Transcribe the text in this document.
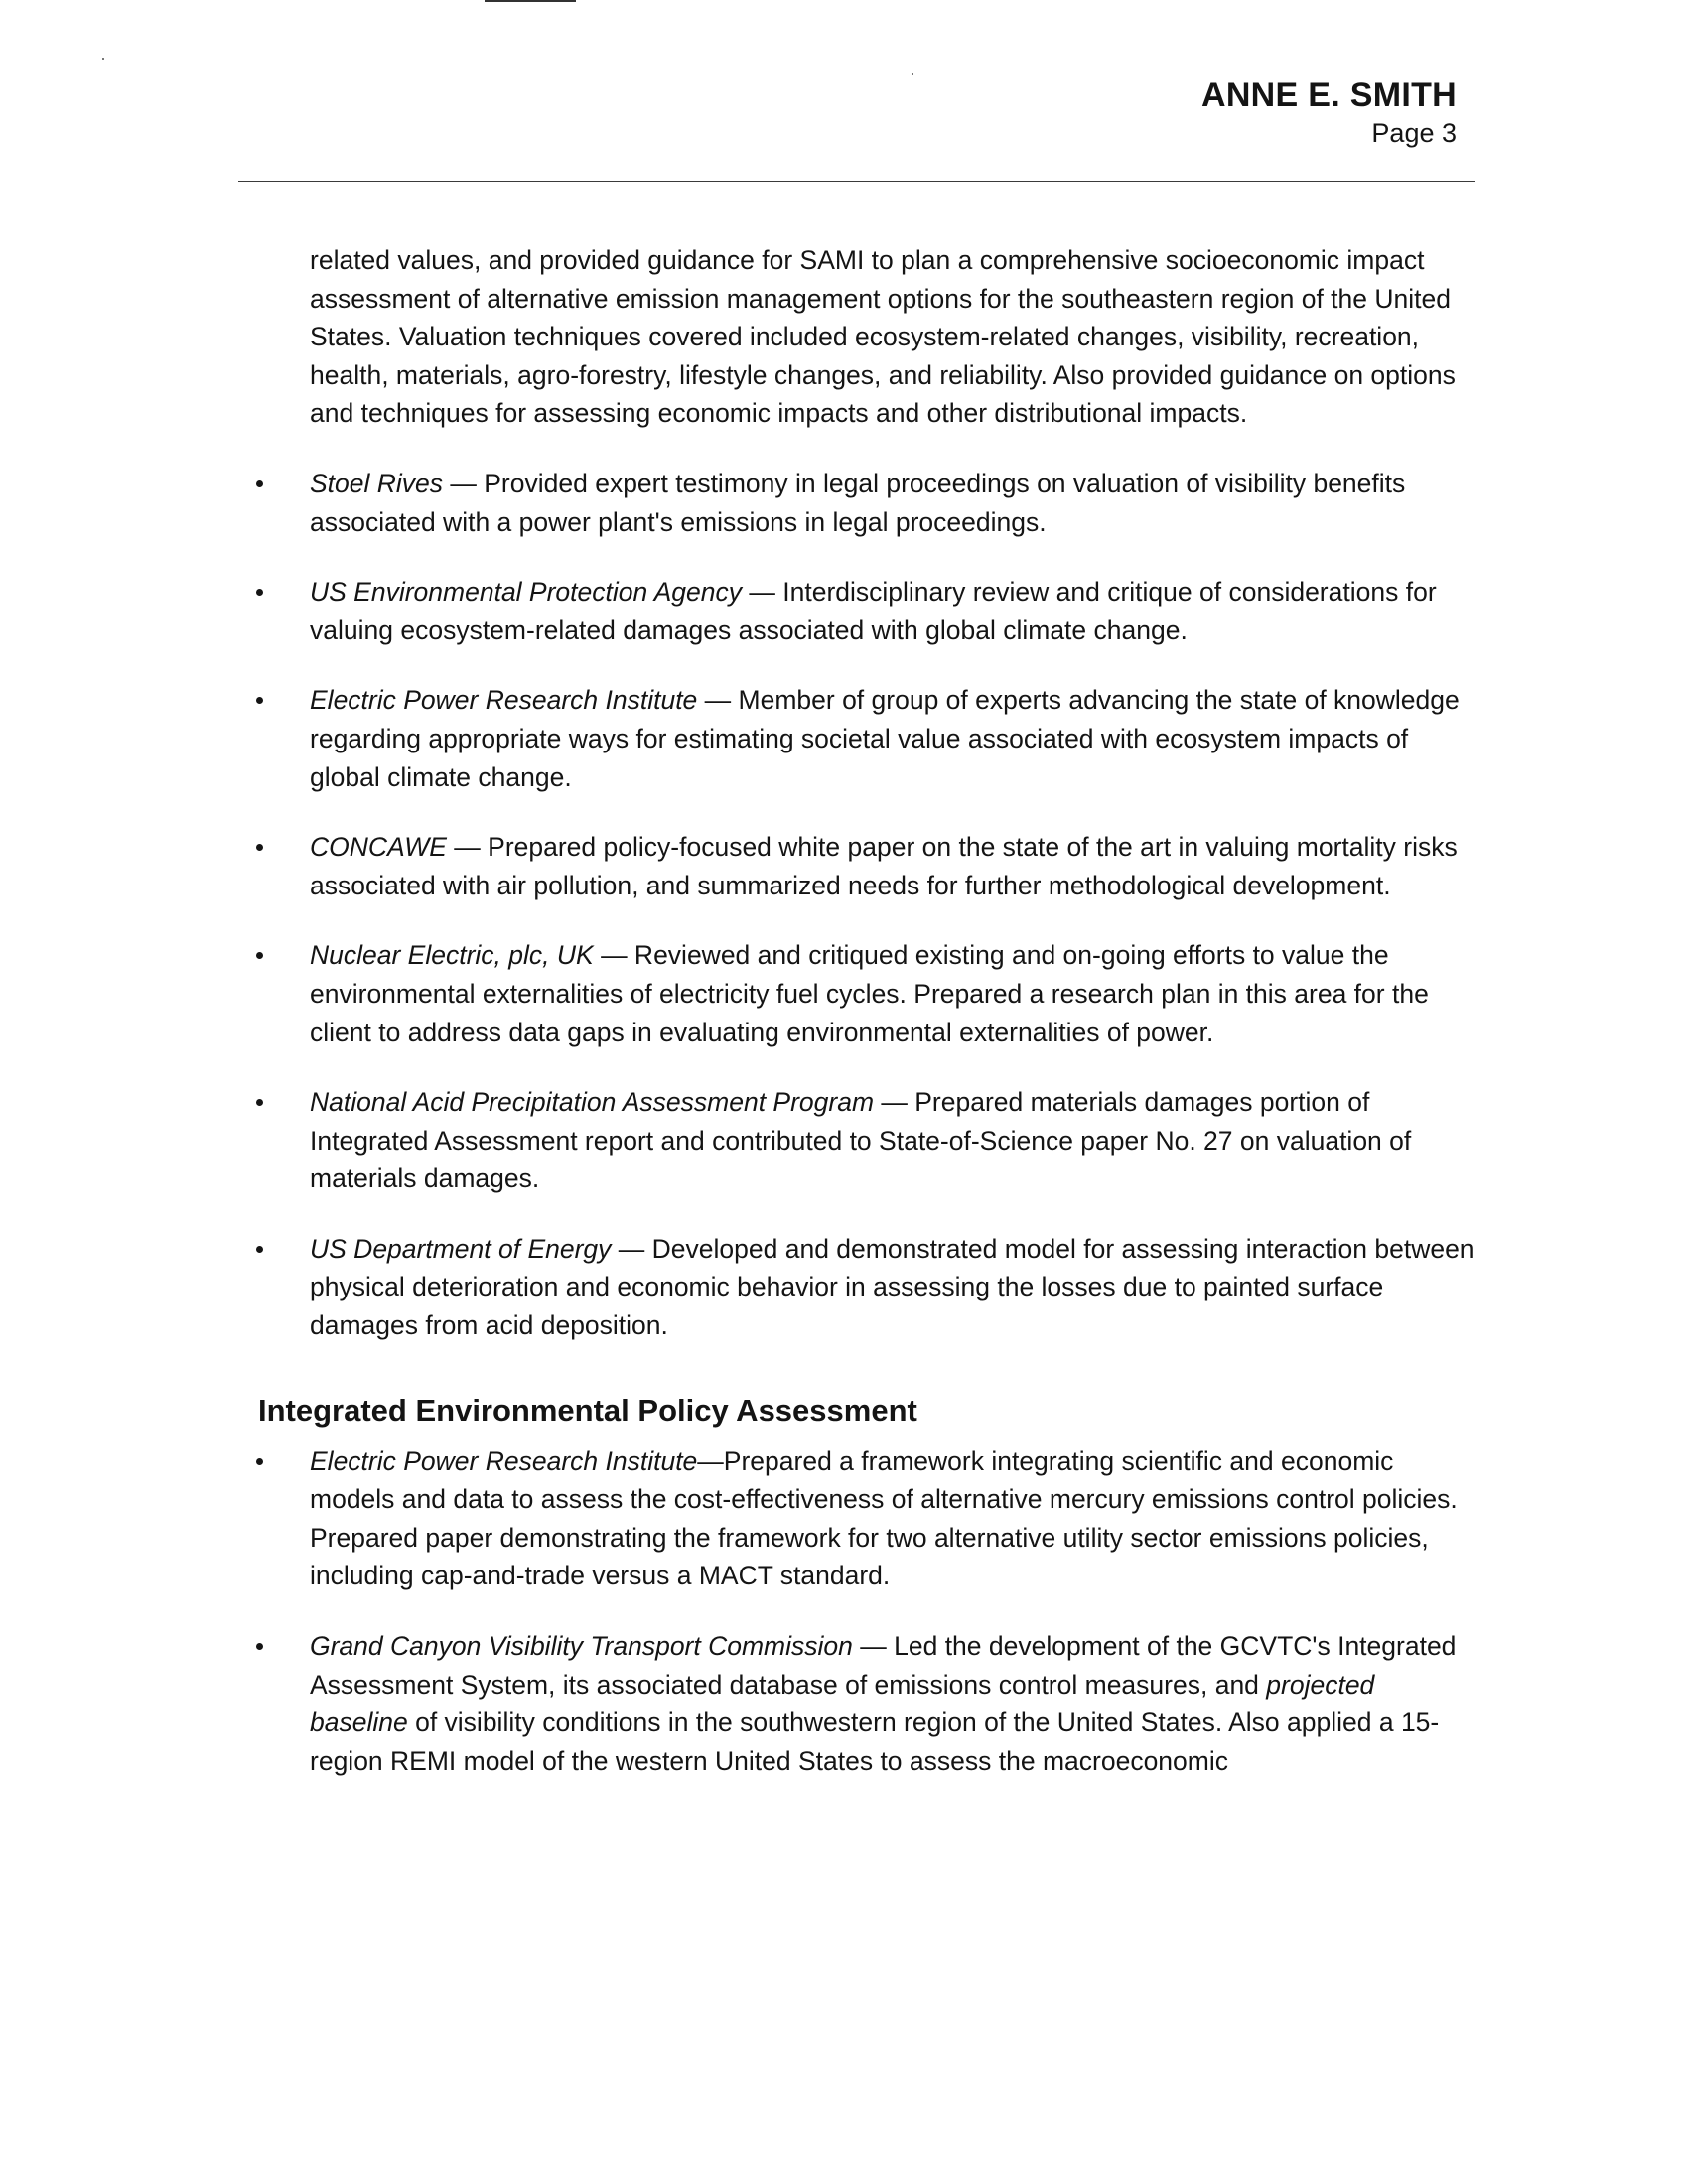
ANNE E. SMITH
Page 3

related values, and provided guidance for SAMI to plan a comprehensive socioeconomic impact assessment of alternative emission management options for the southeastern region of the United States. Valuation techniques covered included ecosystem-related changes, visibility, recreation, health, materials, agro-forestry, lifestyle changes, and reliability. Also provided guidance on options and techniques for assessing economic impacts and other distributional impacts.

Stoel Rives — Provided expert testimony in legal proceedings on valuation of visibility benefits associated with a power plant's emissions in legal proceedings.
US Environmental Protection Agency — Interdisciplinary review and critique of considerations for valuing ecosystem-related damages associated with global climate change.
Electric Power Research Institute — Member of group of experts advancing the state of knowledge regarding appropriate ways for estimating societal value associated with ecosystem impacts of global climate change.
CONCAWE — Prepared policy-focused white paper on the state of the art in valuing mortality risks associated with air pollution, and summarized needs for further methodological development.
Nuclear Electric, plc, UK — Reviewed and critiqued existing and on-going efforts to value the environmental externalities of electricity fuel cycles. Prepared a research plan in this area for the client to address data gaps in evaluating environmental externalities of power.
National Acid Precipitation Assessment Program — Prepared materials damages portion of Integrated Assessment report and contributed to State-of-Science paper No. 27 on valuation of materials damages.
US Department of Energy — Developed and demonstrated model for assessing interaction between physical deterioration and economic behavior in assessing the losses due to painted surface damages from acid deposition.
Integrated Environmental Policy Assessment
Electric Power Research Institute—Prepared a framework integrating scientific and economic models and data to assess the cost-effectiveness of alternative mercury emissions control policies. Prepared paper demonstrating the framework for two alternative utility sector emissions policies, including cap-and-trade versus a MACT standard.
Grand Canyon Visibility Transport Commission — Led the development of the GCVTC's Integrated Assessment System, its associated database of emissions control measures, and projected baseline of visibility conditions in the southwestern region of the United States. Also applied a 15-region REMI model of the western United States to assess the macroeconomic
